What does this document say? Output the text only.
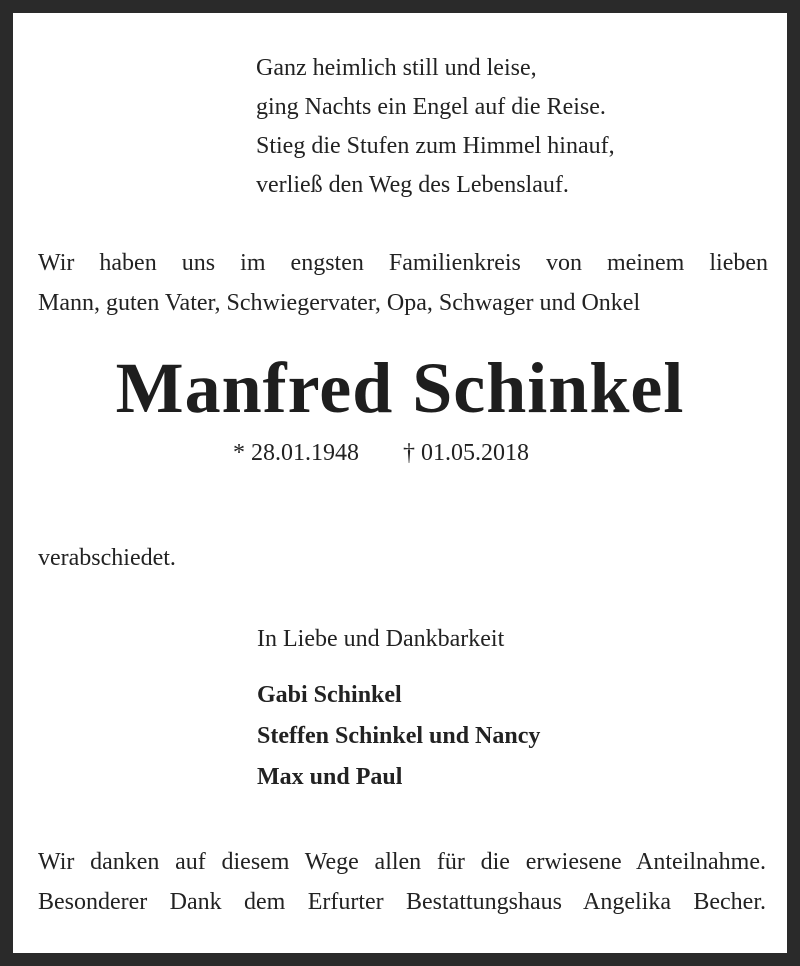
Ganz heimlich still und leise,
ging Nachts ein Engel auf die Reise.
Stieg die Stufen zum Himmel hinauf,
verließ den Weg des Lebenslauf.
Wir haben uns im engsten Familienkreis von meinem lieben
Mann, guten Vater, Schwiegervater, Opa, Schwager und Onkel
Manfred Schinkel
* 28.01.1948 † 01.05.2018
verabschiedet.
In Liebe und Dankbarkeit
Gabi Schinkel
Steffen Schinkel und Nancy
Max und Paul
Wir danken auf diesem Wege allen für die erwiesene Anteilnahme.
Besonderer Dank dem Erfurter Bestattungshaus Angelika Becher.
